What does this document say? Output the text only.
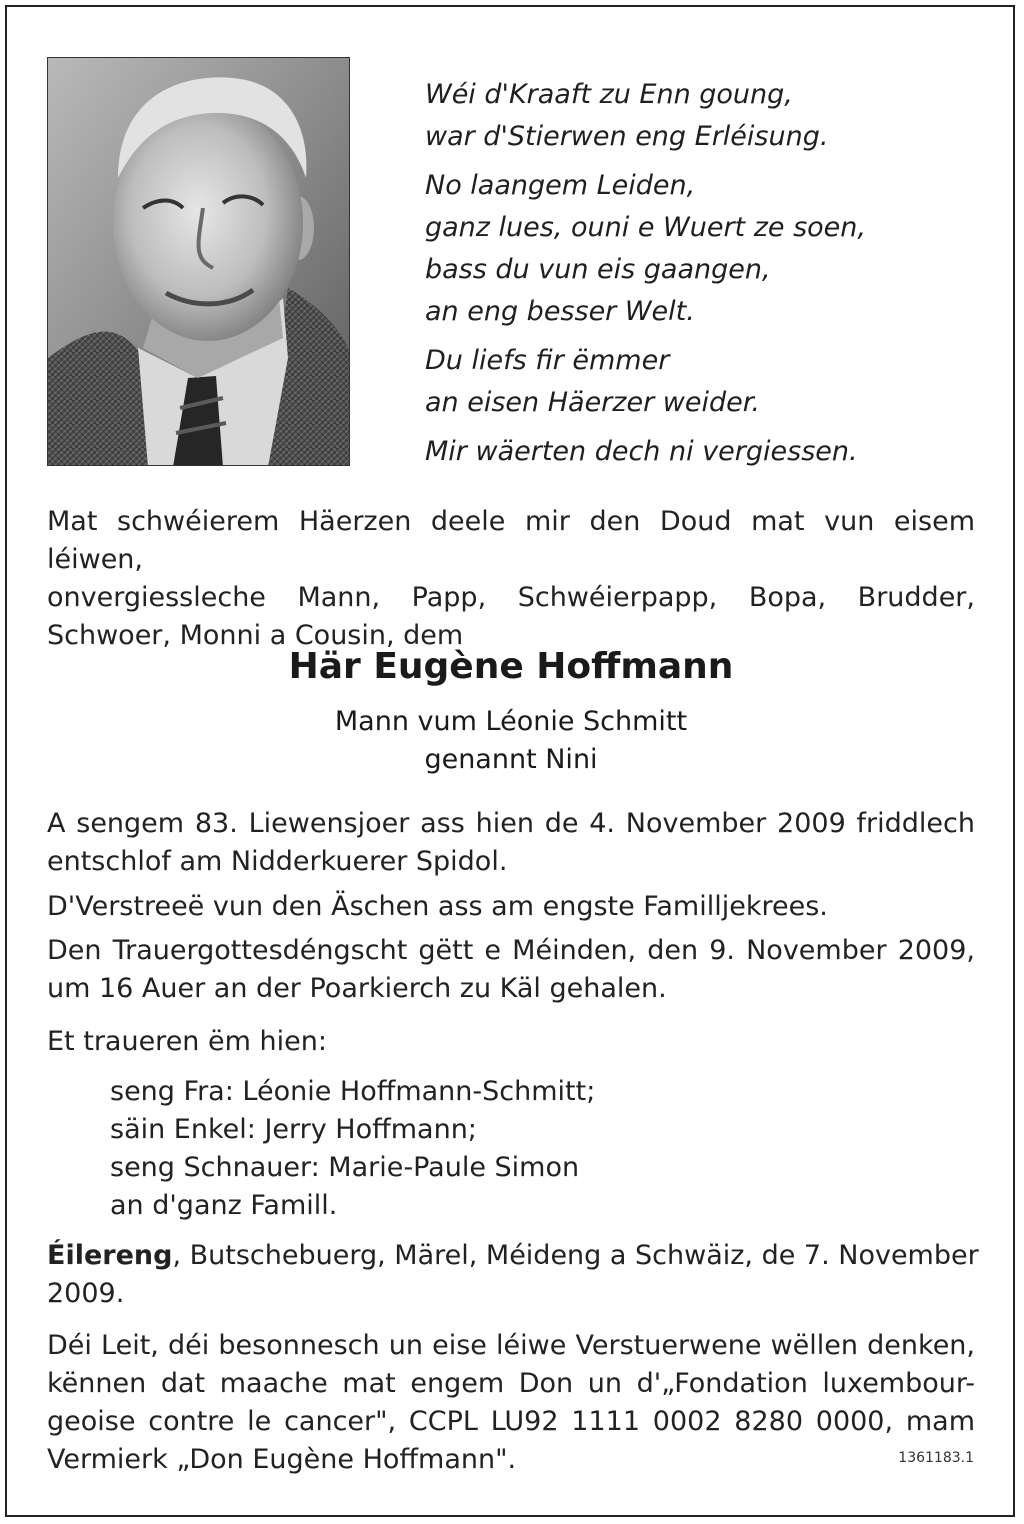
Wéi d'Kraaft zu Enn goung,
war d'Stierwen eng Erléisung.
No laangem Leiden,
ganz lues, ouni e Wuert ze soen,
bass du vun eis gaangen,
an eng besser Welt.
Du liefs fir ëmmer
an eisen Häerzer weider.
Mir wäerten dech ni vergiessen.
Mat schwéierem Häerzen deele mir den Doud mat vun eisem léiwen,
onvergiessleche Mann, Papp, Schwéierpapp, Bopa, Brudder,
Schwoer, Monni a Cousin, dem
Här Eugène Hoffmann
Mann vum Léonie Schmitt
genannt Nini
A sengem 83. Liewensjoer ass hien de 4. November 2009 friddlech
entschlof am Nidderkuerer Spidol.
D'Verstreeë vun den Äschen ass am engste Familljekrees.
Den Trauergottesdéngscht gëtt e Méinden, den 9. November 2009,
um 16 Auer an der Poarkierch zu Käl gehalen.
Et traueren ëm hien:
seng Fra: Léonie Hoffmann-Schmitt;
säin Enkel: Jerry Hoffmann;
seng Schnauer: Marie-Paule Simon
an d'ganz Famill.
Éilereng, Butschebuerg, Märel, Méideng a Schwäiz, de 7. November
2009.
Déi Leit, déi besonnesch un eise léiwe Verstuerwene wëllen denken,
kënnen dat maache mat engem Don un d'„Fondation luxembour-
geoise contre le cancer", CCPL LU92 1111 0002 8280 0000, mam
Vermierk „Don Eugène Hoffmann".	1361183.1
